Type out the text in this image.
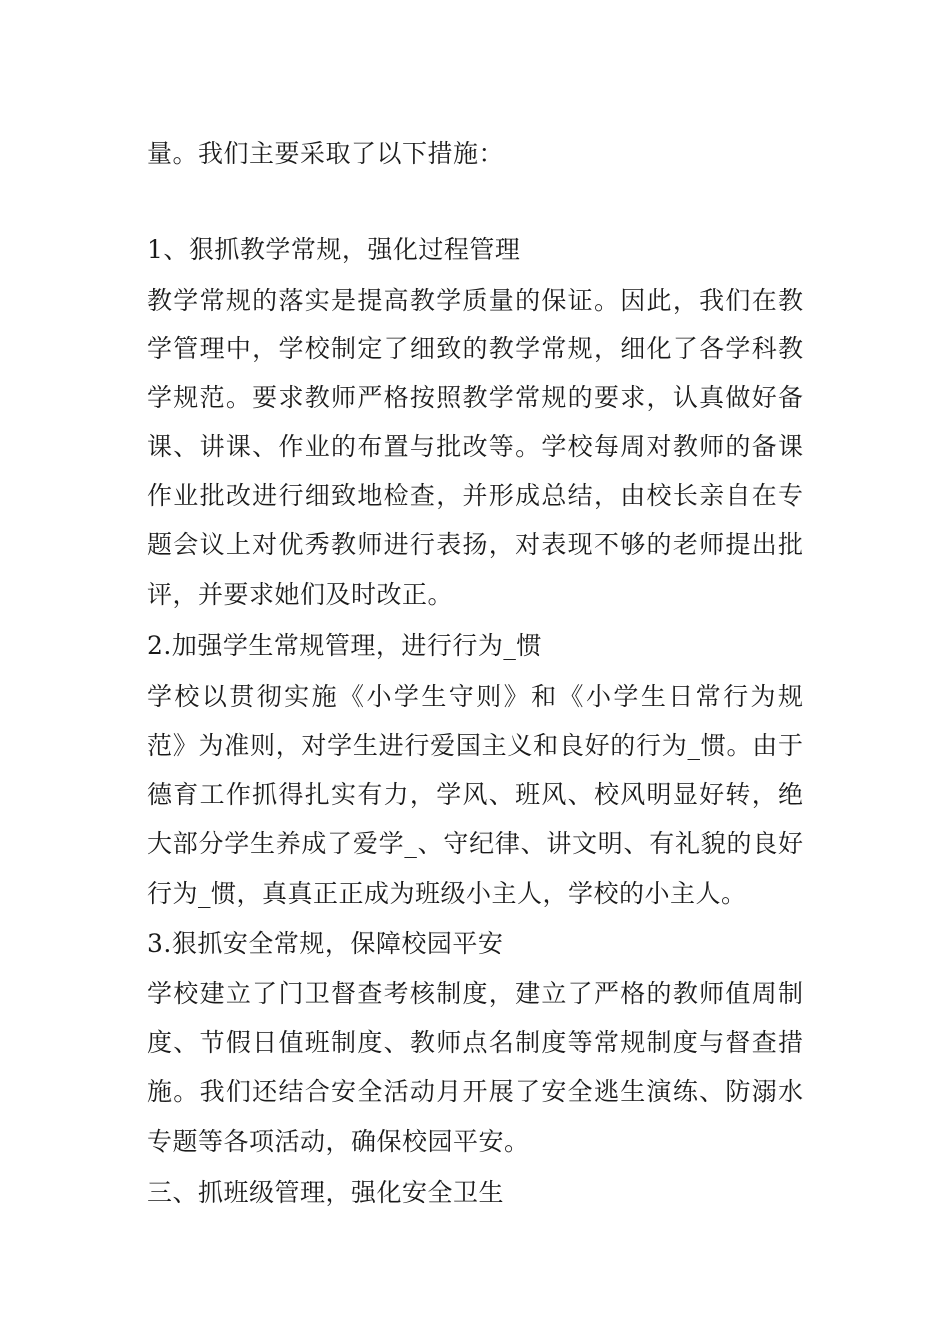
量。我们主要采取了以下措施：
1、狠抓教学常规，强化过程管理
教学常规的落实是提高教学质量的保证。因此，我们在教
学管理中，学校制定了细致的教学常规，细化了各学科教
学规范。要求教师严格按照教学常规的要求，认真做好备
课、讲课、作业的布置与批改等。学校每周对教师的备课
作业批改进行细致地检查，并形成总结，由校长亲自在专
题会议上对优秀教师进行表扬，对表现不够的老师提出批
评，并要求她们及时改正。
2.加强学生常规管理，进行行为_惯
学校以贯彻实施《小学生守则》和《小学生日常行为规
范》为准则，对学生进行爱国主义和良好的行为_惯。由于
德育工作抓得扎实有力，学风、班风、校风明显好转，绝
大部分学生养成了爱学_、守纪律、讲文明、有礼貌的良好
行为_惯，真真正正成为班级小主人，学校的小主人。
3.狠抓安全常规，保障校园平安
学校建立了门卫督查考核制度，建立了严格的教师值周制
度、节假日值班制度、教师点名制度等常规制度与督查措
施。我们还结合安全活动月开展了安全逃生演练、防溺水
专题等各项活动，确保校园平安。
三、抓班级管理，强化安全卫生
